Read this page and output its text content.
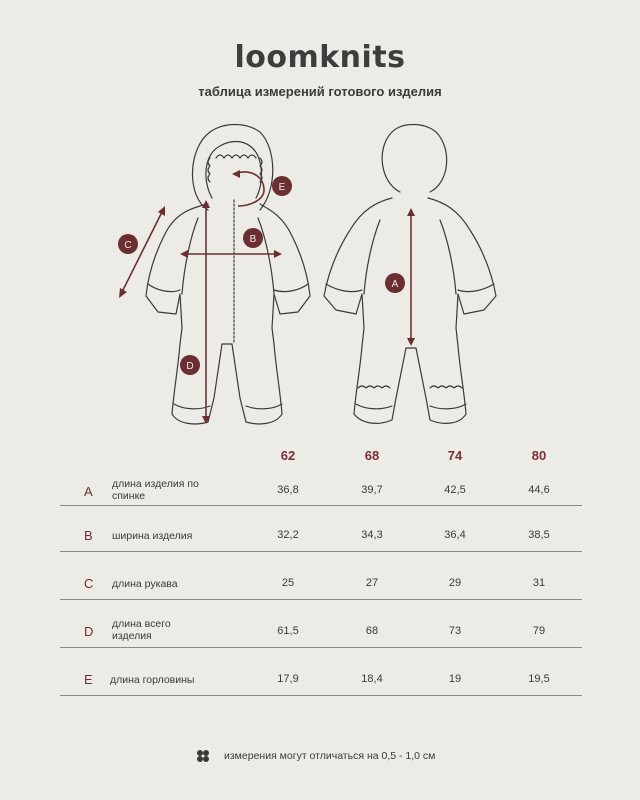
loomknits
таблица измерений готового изделия
A
B
C
D
E
62	68	74	80
A длина изделия по спинке	36,8	39,7	42,5	44,6
B ширина изделия	32,2	34,3	36,4	38,5
C длина рукава	25	27	29	31
D длина всего изделия	61,5	68	73	79
E длина горловины	17,9	18,4	19	19,5
измерения могут отличаться на 0,5 - 1,0 см
